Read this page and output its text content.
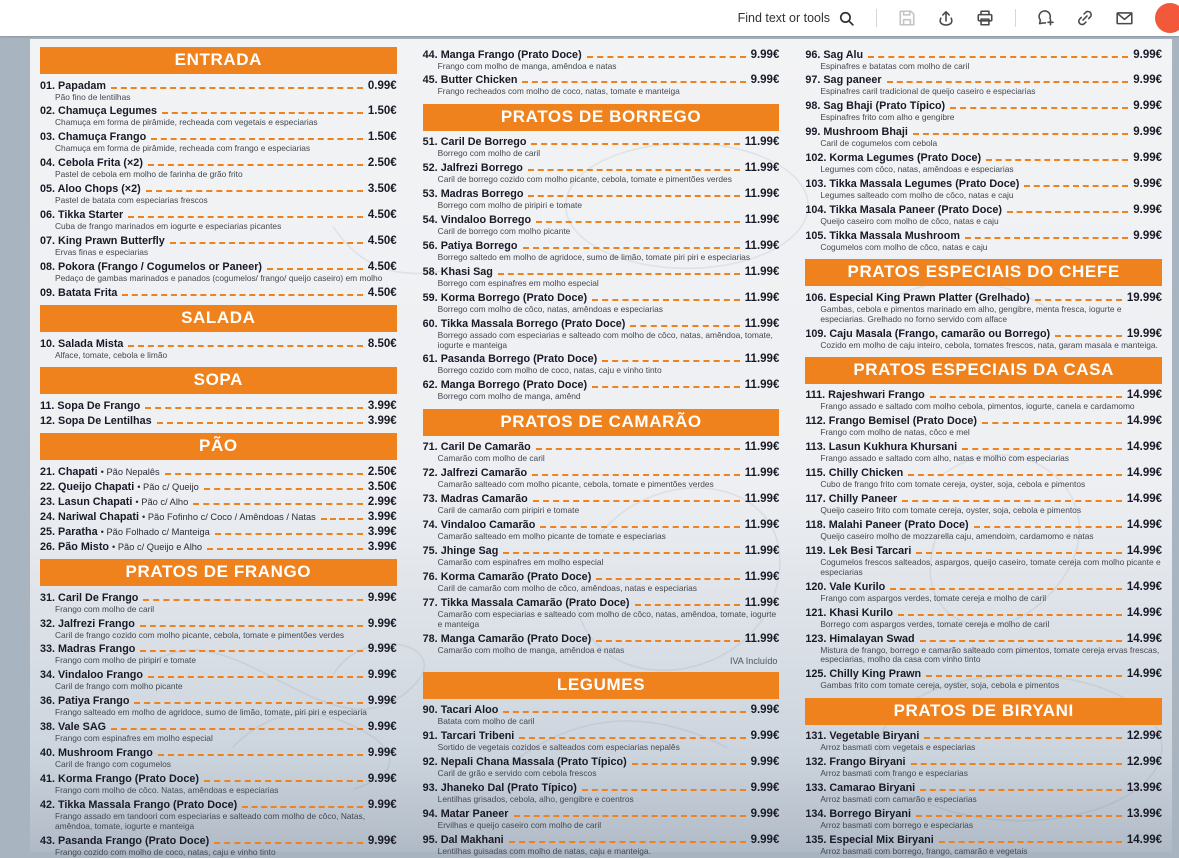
Find text or tools
ENTRADA
01. Papadam	0.99€
Pão fino de lentilhas
02. Chamuça Legumes	1.50€
Chamuça em forma de pirâmide, recheada com vegetais e especiarias
03. Chamuça Frango	1.50€
Chamuça em forma de pirâmide, recheada com frango e especiarias
04. Cebola Frita (×2)	2.50€
Pastel de cebola em molho de farinha de grão frito
05. Aloo Chops (×2)	3.50€
Pastel de batata com especiarias frescos
06. Tikka Starter	4.50€
Cuba de frango marinados em iogurte e especiarias picantes
07. King Prawn Butterfly	4.50€
Ervas finas e especiarias
08. Pokora (Frango / Cogumelos or Paneer)	4.50€
Pedaço de gambas marinados e panados (cogumelos/ frango/ queijo caseiro) em molho
09. Batata Frita	4.50€
SALADA
10. Salada Mista	8.50€
Alface, tomate, cebola e limão
SOPA
11. Sopa De Frango	3.99€
12. Sopa De Lentilhas	3.99€
PÃO
21. Chapati • Pão Nepalês	2.50€
22. Queijo Chapati • Pão c/ Queijo	3.50€
23. Lasun Chapati • Pão c/ Alho	2.99€
24. Nariwal Chapati • Pão Fofinho c/ Coco / Amêndoas / Natas	3.99€
25. Paratha • Pão Folhado c/ Manteiga	3.99€
26. Pão Misto • Pão c/ Queijo e Alho	3.99€
PRATOS DE FRANGO
31. Caril De Frango	9.99€
Frango com molho de caril
32. Jalfrezi Frango	9.99€
Caril de frango cozido com molho picante, cebola, tomate e pimentões verdes
33. Madras Frango	9.99€
Frango com molho de piripiri e tomate
34. Vindaloo Frango	9.99€
Caril de frango com molho picante
36. Patiya Frango	9.99€
Frango salteado em molho de agridoce, sumo de limão, tomate, piri piri e especiaria
38. Vale SAG	9.99€
Frango com espinafres em molho especial
40. Mushroom Frango	9.99€
Caril de frango com cogumelos
41. Korma Frango (Prato Doce)	9.99€
Frango com molho de côco. Natas, amêndoas e especiarias
42. Tikka Massala Frango (Prato Doce)	9.99€
Frango assado em tandoori com especiarias e salteado com molho de côco, Natas, amêndoa, tomate, iogurte e manteiga
43. Pasanda Frango (Prato Doce)	9.99€
Frango cozido com molho de coco, natas, caju e vinho tinto
44. Manga Frango (Prato Doce)	9.99€
Frango com molho de manga, amêndoa e natas
45. Butter Chicken	9.99€
Frango recheados com molho de coco, natas, tomate e manteiga
PRATOS DE BORREGO
51. Caril De Borrego	11.99€
Borrego com molho de caril
52. Jalfrezi Borrego	11.99€
Caril de borrego cozido com molho picante, cebola, tomate e pimentões verdes
53. Madras Borrego	11.99€
Borrego com molho de piripiri e tomate
54. Vindaloo Borrego	11.99€
Caril de borrego com molho picante
56. Patiya Borrego	11.99€
Borrego saltedo em molho de agridoce, sumo de limão, tomate piri piri e especiarias
58. Khasi Sag	11.99€
Borrego com espinafres em molho especial
59. Korma Borrego (Prato Doce)	11.99€
Borrego com molho de côco, natas, amêndoas e especiarias
60. Tikka Massala Borrego (Prato Doce)	11.99€
Borrego assado com especiarias e salteado com molho de côco, natas, amêndoa, tomate, iogurte e manteiga
61. Pasanda Borrego (Prato Doce)	11.99€
Borrego cozido com molho de coco, natas, caju e vinho tinto
62. Manga Borrego (Prato Doce)	11.99€
Borrego com molho de manga, amênd
PRATOS DE CAMARÃO
71. Caril De Camarão	11.99€
Camarão com molho de caril
72. Jalfrezi Camarão	11.99€
Camarão salteado com molho picante, cebola, tomate e pimentões verdes
73. Madras Camarão	11.99€
Caril de camarão com piripiri e tomate
74. Vindaloo Camarão	11.99€
Camarão salteado em molho picante de tomate e especiarias
75. Jhinge Sag	11.99€
Camarão com espinafres em molho especial
76. Korma Camarão (Prato Doce)	11.99€
Caril de camarão com molho de côco, amêndoas, natas e especiarias
77. Tikka Massala Camarão (Prato Doce)	11.99€
Camarão com especiarias e salteado com molho de côco, natas, amêndoa, tomate, iogurte e manteiga
78. Manga Camarão (Prato Doce)	11.99€
Camarão com molho de manga, amêndoa e natas
IVA Incluído
LEGUMES
90. Tacari Aloo	9.99€
Batata com molho de caril
91. Tarcari Tribeni	9.99€
Sortido de vegetais cozidos e salteados com especiarias nepalês
92. Nepali Chana Massala (Prato Típico)	9.99€
Caril de grão e servido com cebola frescos
93. Jhaneko Dal (Prato Típico)	9.99€
Lentilhas grisados, cebola, alho, gengibre e coentros
94. Matar Paneer	9.99€
Ervilhas e queijo caseiro com molho de caril
95. Dal Makhani	9.99€
Lentilhas guisadas com molho de natas, caju e manteiga.
96. Sag Alu	9.99€
Espinafres e batatas com molho de caril
97. Sag paneer	9.99€
Espinafres caril tradicional de queijo caseiro e especiarias
98. Sag Bhaji (Prato Típico)	9.99€
Espinafres frito com alho e gengibre
99. Mushroom Bhaji	9.99€
Caril de cogumelos com cebola
102. Korma Legumes (Prato Doce)	9.99€
Legumes com côco, natas, amêndoas e especiarias
103. Tikka Massala Legumes (Prato Doce)	9.99€
Legumes salteado com molho de côco, natas e caju
104. Tikka Masala Paneer (Prato Doce)	9.99€
Queijo caseiro com molho de côco, natas e caju
105. Tikka Massala Mushroom	9.99€
Cogumelos com molho de côco, natas e caju
PRATOS ESPECIAIS DO CHEFE
106. Especial King Prawn Platter (Grelhado)	19.99€
Gambas, cebola e pimentos marinado em alho, gengibre, menta fresca, iogurte e especiarias. Grelhado no forno servido com alface
109. Caju Masala (Frango, camarão ou Borrego)	19.99€
Cozido em molho de caju inteiro, cebola, tomates frescos, nata, garam masala e manteiga.
PRATOS ESPECIAIS DA CASA
111. Rajeshwari Frango	14.99€
Frango assado e saltado com molho cebola, pimentos, iogurte, canela e cardamomo
112. Frango Bemisel (Prato Doce)	14.99€
Frango com molho de natas, côco e mel
113. Lasun Kukhura Khursani	14.99€
Frango assado e saltado com alho, natas e molho com especiarias
115. Chilly Chicken	14.99€
Cubo de frango frito com tomate cereja, oyster, soja, cebola e pimentos
117. Chilly Paneer	14.99€
Queijo caseiro frito com tomate cereja, oyster, soja, cebola e pimentos
118. Malahi Paneer (Prato Doce)	14.99€
Queijo caseiro molho de mozzarella caju, amendoim, cardamomo e natas
119. Lek Besi Tarcari	14.99€
Cogumelos frescos salteados, aspargos, queijo caseiro, tomate cereja com molho picante e especiarias
120. Vale Kurilo	14.99€
Frango com aspargos verdes, tomate cereja e molho de caril
121. Khasi Kurilo	14.99€
Borrego com aspargos verdes, tomate cereja e molho de caril
123. Himalayan Swad	14.99€
Mistura de frango, borrego e camarão salteado com pimentos, tomate cereja ervas frescas, especiarias, molho da casa com vinho tinto
125. Chilly King Prawn	14.99€
Gambas frito com tomate cereja, oyster, soja, cebola e pimentos
PRATOS DE BIRYANI
131. Vegetable Biryani	12.99€
Arroz basmati com vegetais e especiarias
132. Frango Biryani	12.99€
Arroz basmati com frango e especiarias
133. Camarao Biryani	13.99€
Arroz basmati com camarão e especiarias
134. Borrego Biryani	13.99€
Arroz basmati com borrego e especiarias
135. Especial Mix Biryani	14.99€
Arroz basmati com borrego, frango, camarão e vegetais
